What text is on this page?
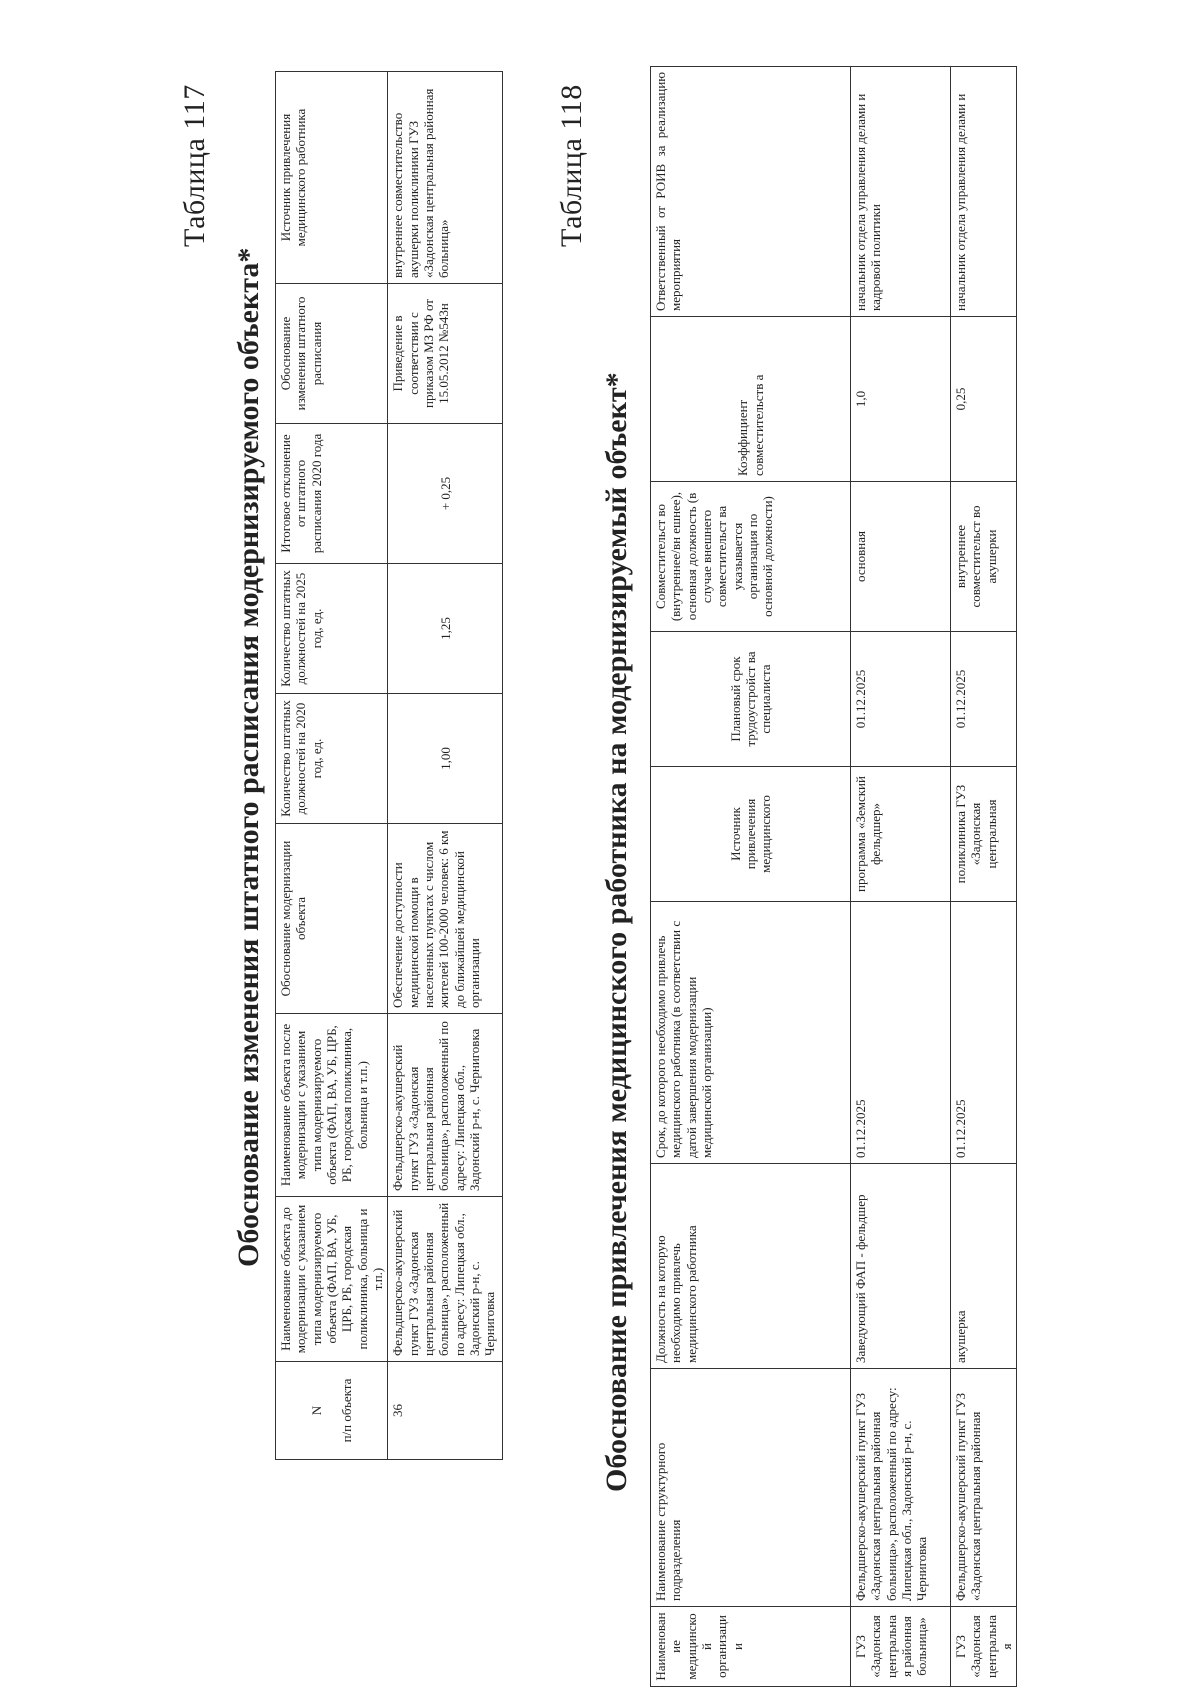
Таблица 117
Обоснование изменения штатного расписания модернизируемого объекта*
N

п/п объекта	Наименование объекта до модернизации с указанием типа модернизируемого объекта (ФАП, ВА, УБ, ЦРБ, РБ, городская поликлиника, больница и т.п.)	Наименование объекта после модернизации с указанием типа модернизируемого объекта (ФАП, ВА, УБ, ЦРБ, РБ, городская поликлиника, больница и т.п.)	Обоснование модернизации объекта	Количество штатных должностей на 2020 год, ед.	Количество штатных должностей на 2025 год, ед.	Итоговое отклонение от штатного расписания 2020 года	Обоснование изменения штатного расписания	Источник привлечения медицинского работника
36	Фельдшерско-акушерский пункт ГУЗ «Задонская центральная районная больница», расположенный по адресу: Липецкая обл., Задонский р-н, с. Черниговка	Фельдшерско-акушерский пункт ГУЗ «Задонская центральная районная больница», расположенный по адресу: Липецкая обл., Задонский р-н, с. Черниговка	Обеспечение доступности медицинской помощи в населенных пунктах с числом жителей 100-2000 человек: 6 км до ближайшей медицинской организации	1,00	1,25	+ 0,25	Приведение в соответствии с приказом МЗ РФ от 15.05.2012 №543н	внутреннее совместительство акушерки поликлиники ГУЗ «Задонская центральная районная больница»
Таблица 118
Обоснование привлечения медицинского работника на модернизируемый объект*
Наименован ие медицинской организации	Наименование структурного подразделения	Должность на которую необходимо привлечь медицинского работника	Срок, до которого необходимо привлечь медицинского работника (в соответствии с датой завершения модернизации медицинской организации)	Источник привлечения медицинского	Плановый срок трудоустройст ва специалиста	Совместительст во (внутреннее/вн ешнее), основная должность (в случае внешнего совместительст ва указывается организация по основной должности)	Коэффициент совместительств а	Ответственный от РОИВ за реализацию мероприятия
ГУЗ «Задонская центральная районная больница»	Фельдшерско-акушерский пункт ГУЗ «Задонская центральная районная больница», расположенный по адресу: Липецкая обл., Задонский р-н, с. Черниговка	Заведующий ФАП - фельдшер	01.12.2025	программа «Земский фельдшер»	01.12.2025	основная	1,0	начальник отдела управления делами и кадровой политики
ГУЗ «Задонская центральная	Фельдшерско-акушерский пункт ГУЗ «Задонская центральная районная	акушерка	01.12.2025	поликлиника ГУЗ «Задонская центральная	01.12.2025	внутреннее совместительст во акушерки	0,25	начальник отдела управления делами и
